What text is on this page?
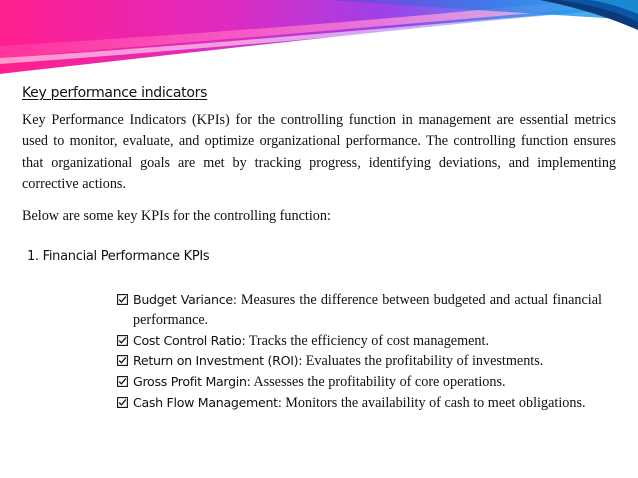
Key performance indicators

Key Performance Indicators (KPIs) for the controlling function in management are essential metrics used to monitor, evaluate, and optimize organizational performance. The controlling function ensures that organizational goals are met by tracking progress, identifying deviations, and implementing corrective actions.

Below are some key KPIs for the controlling function:

1. Financial Performance KPIs

Budget Variance: Measures the difference between budgeted and actual financial performance.
Cost Control Ratio: Tracks the efficiency of cost management.
Return on Investment (ROI): Evaluates the profitability of investments.
Gross Profit Margin: Assesses the profitability of core operations.
Cash Flow Management: Monitors the availability of cash to meet obligations.
